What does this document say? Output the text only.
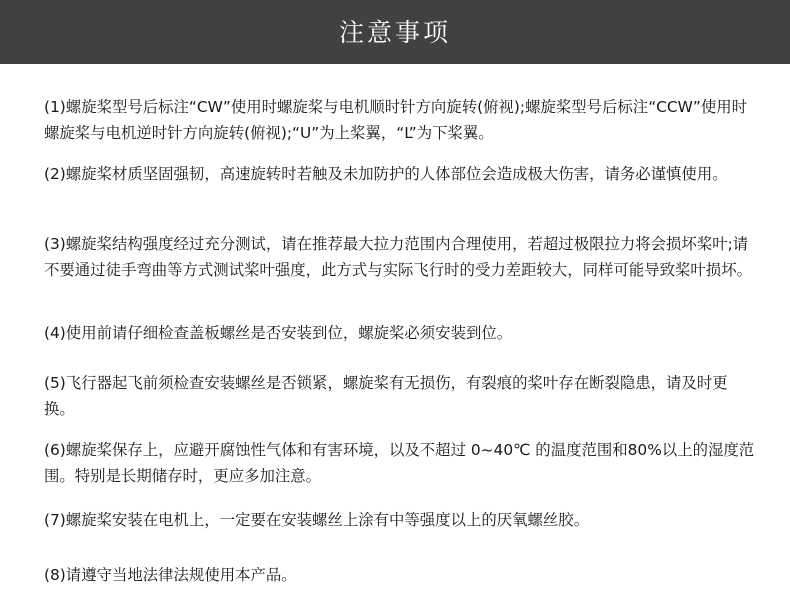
注意事项

(1)螺旋桨型号后标注“CW”使用时螺旋桨与电机顺时针方向旋转(俯视);螺旋桨型号后标注“CCW”使用时螺旋桨与电机逆时针方向旋转(俯视);“U”为上桨翼，“L”为下桨翼。

(2)螺旋桨材质坚固强韧，高速旋转时若触及未加防护的人体部位会造成极大伤害，请务必谨慎使用。

(3)螺旋桨结构强度经过充分测试，请在推荐最大拉力范围内合理使用，若超过极限拉力将会损坏桨叶;请不要通过徒手弯曲等方式测试桨叶强度，此方式与实际飞行时的受力差距较大，同样可能导致桨叶损坏。

(4)使用前请仔细检查盖板螺丝是否安装到位，螺旋桨必须安装到位。

(5)飞行器起飞前须检查安装螺丝是否锁紧，螺旋桨有无损伤，有裂痕的桨叶存在断裂隐患，请及时更换。

(6)螺旋桨保存上，应避开腐蚀性气体和有害环境，以及不超过 0~40℃ 的温度范围和80%以上的湿度范围。特别是长期储存时，更应多加注意。

(7)螺旋桨安装在电机上，一定要在安装螺丝上涂有中等强度以上的厌氧螺丝胶。

(8)请遵守当地法律法规使用本产品。
